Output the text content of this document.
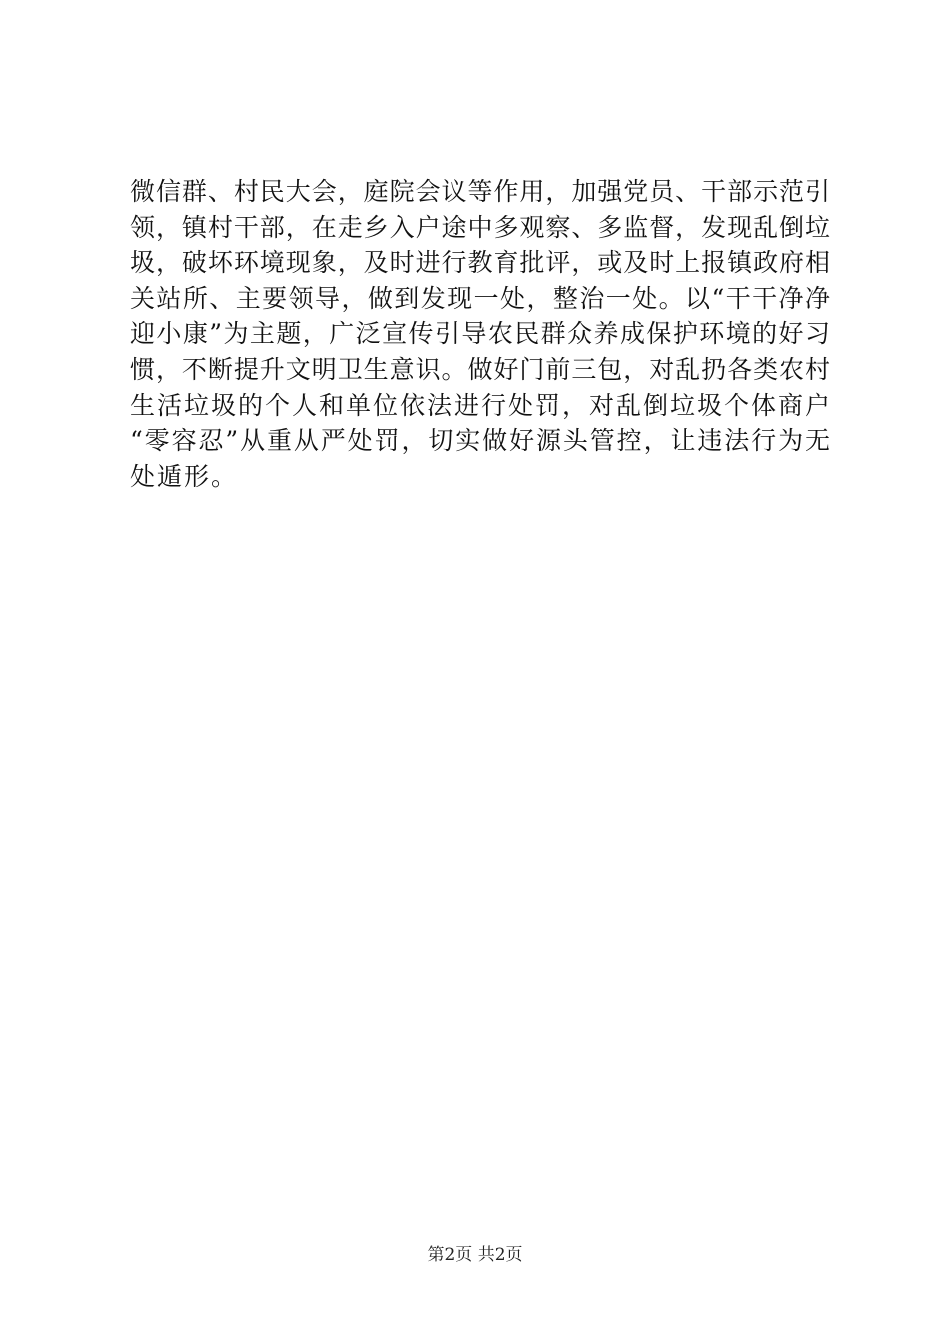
微信群、村民大会，庭院会议等作用，加强党员、干部示范引
领，镇村干部，在走乡入户途中多观察、多监督，发现乱倒垃
圾，破坏环境现象，及时进行教育批评，或及时上报镇政府相
关站所、主要领导，做到发现一处，整治一处。以“干干净净
迎小康”为主题，广泛宣传引导农民群众养成保护环境的好习
惯，不断提升文明卫生意识。做好门前三包，对乱扔各类农村
生活垃圾的个人和单位依法进行处罚，对乱倒垃圾个体商户
“零容忍”从重从严处罚，切实做好源头管控，让违法行为无
处遁形。
第2页 共2页
